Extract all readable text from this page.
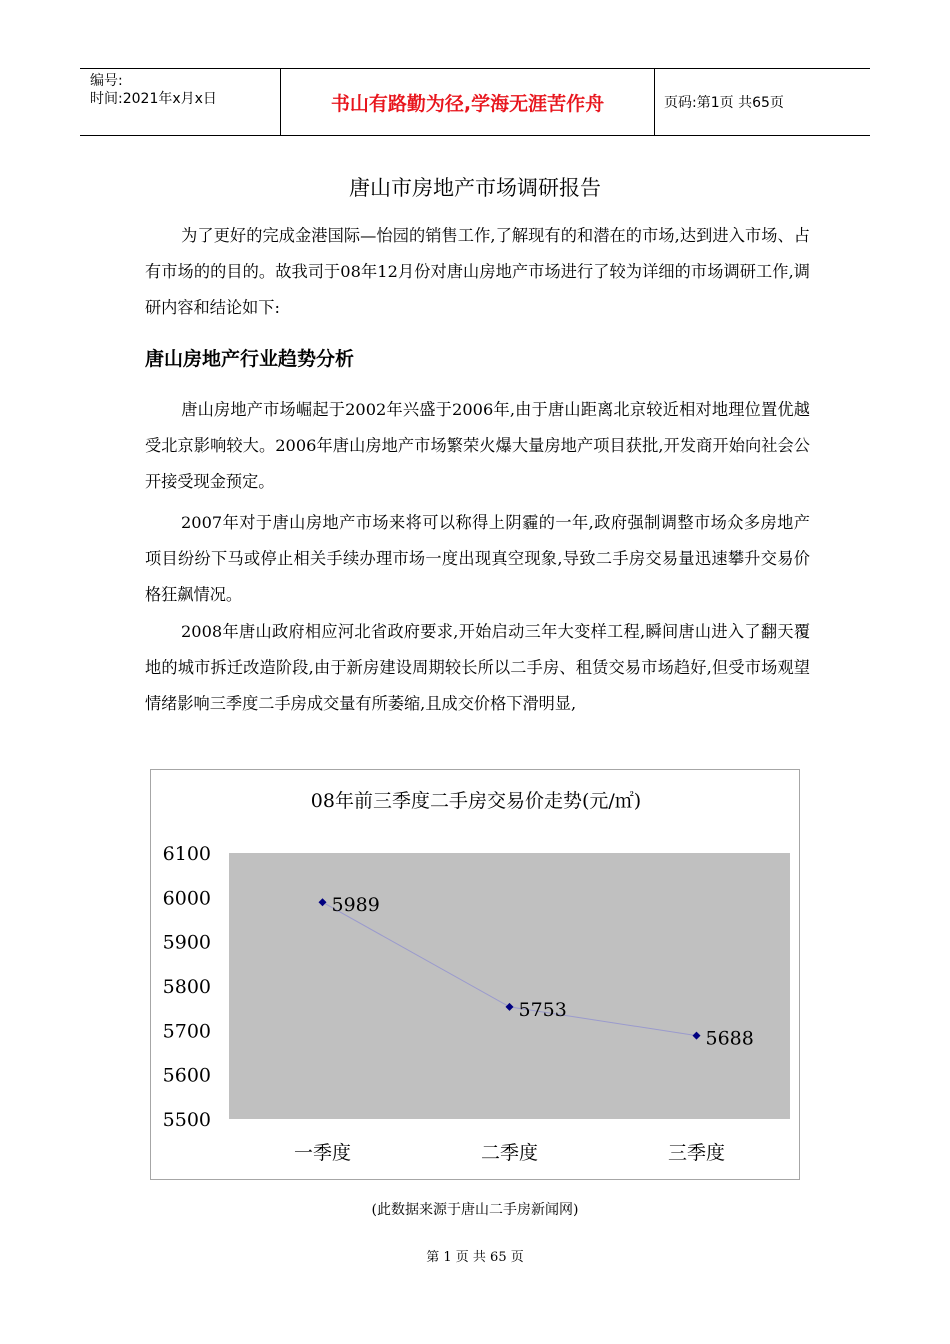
编号:
时间:2021年x月x日	书山有路勤为径,学海无涯苦作舟	页码:第1页 共65页
唐山市房地产市场调研报告

为了更好的完成金港国际—怡园的销售工作,了解现有的和潜在的市场,达到进入市场、占有市场的的目的。故我司于08年12月份对唐山房地产市场进行了较为详细的市场调研工作,调研内容和结论如下:

唐山房地产行业趋势分析

唐山房地产市场崛起于2002年兴盛于2006年,由于唐山距离北京较近相对地理位置优越受北京影响较大。2006年唐山房地产市场繁荣火爆大量房地产项目获批,开发商开始向社会公开接受现金预定。

2007年对于唐山房地产市场来将可以称得上阴霾的一年,政府强制调整市场众多房地产项目纷纷下马或停止相关手续办理市场一度出现真空现象,导致二手房交易量迅速攀升交易价格狂飙情况。

2008年唐山政府相应河北省政府要求,开始启动三年大变样工程,瞬间唐山进入了翻天覆地的城市拆迁改造阶段,由于新房建设周期较长所以二手房、租赁交易市场趋好,但受市场观望情绪影响三季度二手房成交量有所萎缩,且成交价格下滑明显,

08年前三季度二手房交易价走势(元/㎡)
6100
6000
5900
5800
5700
5600
5500
一季度	二季度	三季度
5989
5753
5688
(此数据来源于唐山二手房新闻网)
第 1 页 共 65 页
